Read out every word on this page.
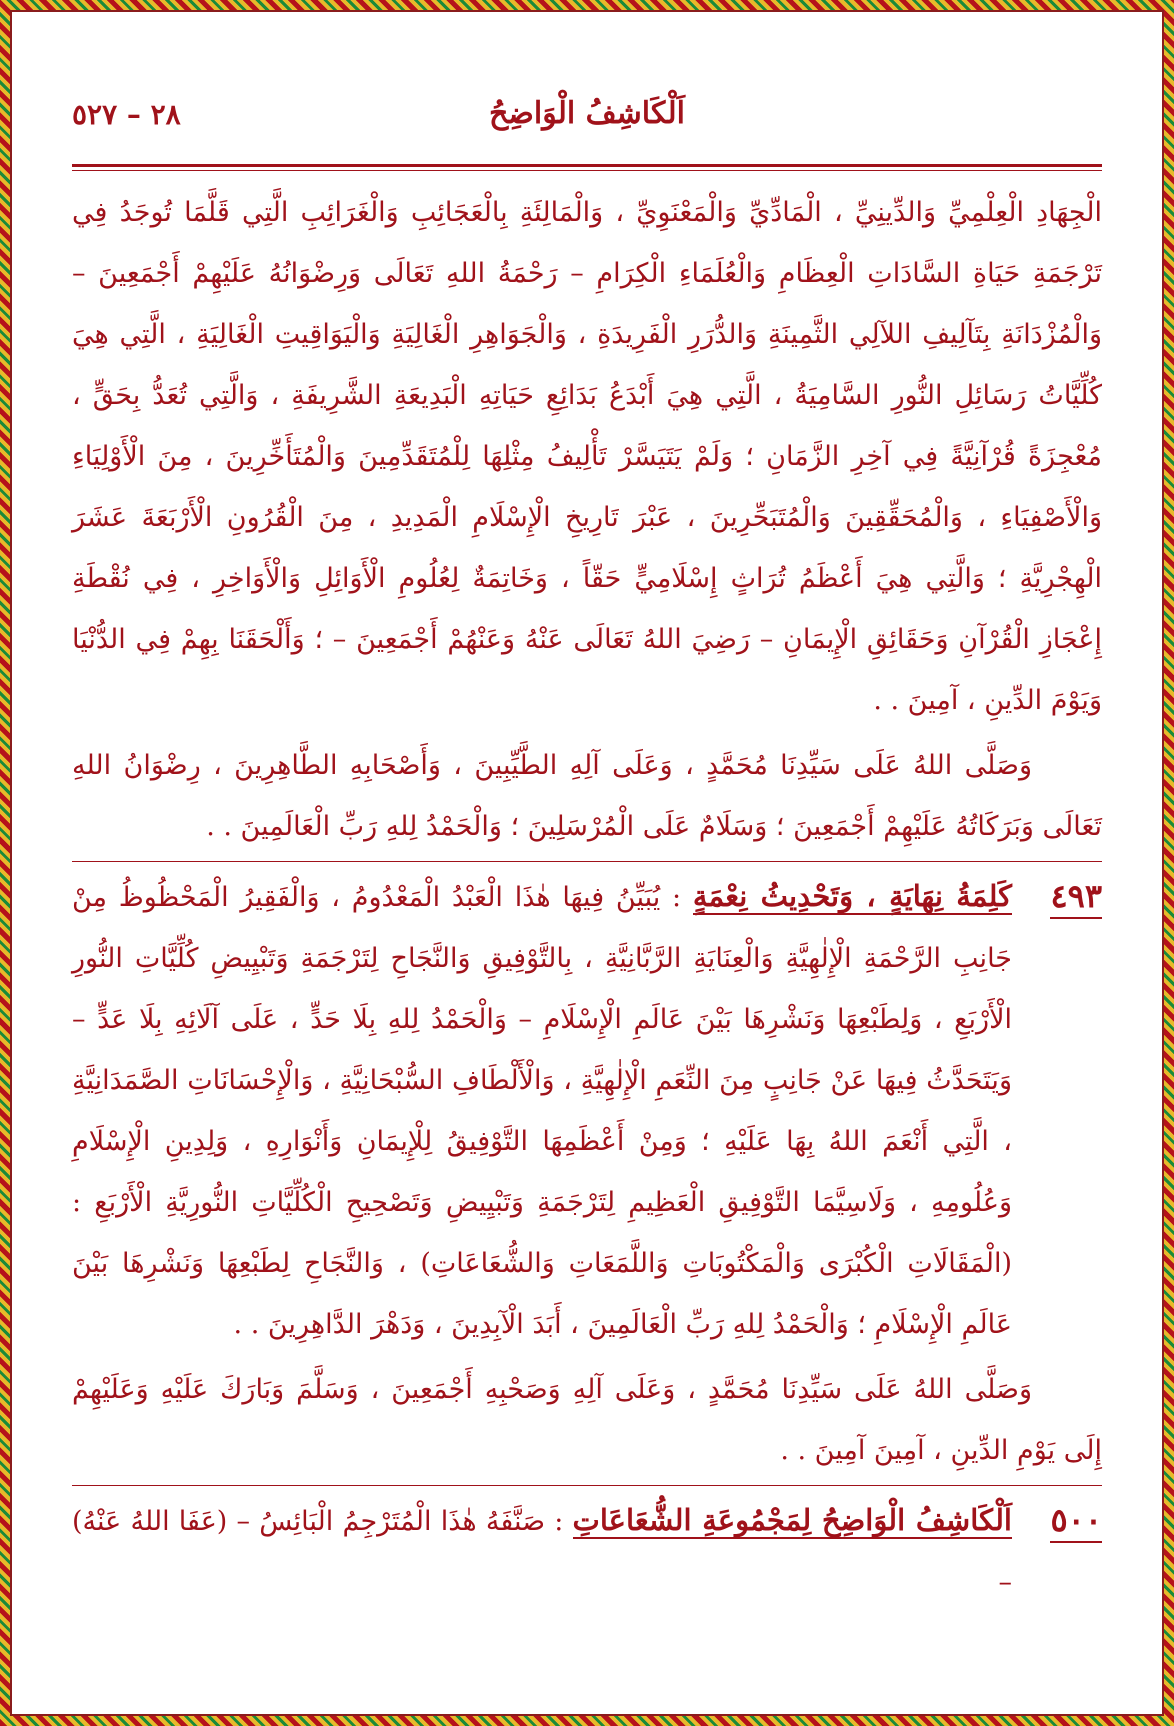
اَلْكَاشِفُ الْوَاضِحُ
٢٨ – ٥٢٧

الْجِهَادِ الْعِلْمِيِّ وَالدِّينِيِّ ، الْمَادِّيِّ وَالْمَعْنَوِيِّ ، وَالْمَالِئَةِ بِالْعَجَائِبِ وَالْغَرَائِبِ الَّتِي قَلَّمَا تُوجَدُ فِي تَرْجَمَةِ حَيَاةِ السَّادَاتِ الْعِظَامِ وَالْعُلَمَاءِ الْكِرَامِ – رَحْمَةُ اللهِ تَعَالَى وَرِضْوَانُهُ عَلَيْهِمْ أَجْمَعِينَ – وَالْمُزْدَانَةِ بِتَآلِيفِ اللآلِي الثَّمِينَةِ وَالدُّرَرِ الْفَرِيدَةِ ، وَالْجَوَاهِرِ الْغَالِيَةِ وَالْيَوَاقِيتِ الْغَالِيَةِ ، الَّتِي هِيَ كُلِّيَّاتُ رَسَائِلِ النُّورِ السَّامِيَةُ ، الَّتِي هِيَ أَبْدَعُ بَدَائِعِ حَيَاتِهِ الْبَدِيعَةِ الشَّرِيفَةِ ، وَالَّتِي تُعَدُّ بِحَقٍّ ، مُعْجِزَةً قُرْآنِيَّةً فِي آخِرِ الزَّمَانِ ؛ وَلَمْ يَتَيَسَّرْ تَأْلِيفُ مِثْلِهَا لِلْمُتَقَدِّمِينَ وَالْمُتَأَخِّرِينَ ، مِنَ الْأَوْلِيَاءِ وَالْأَصْفِيَاءِ ، وَالْمُحَقِّقِينَ وَالْمُتَبَحِّرِينَ ، عَبْرَ تَارِيخِ الْإِسْلَامِ الْمَدِيدِ ، مِنَ الْقُرُونِ الْأَرْبَعَةَ عَشَرَ الْهِجْرِيَّةِ ؛ وَالَّتِي هِيَ أَعْظَمُ تُرَاثٍ إِسْلَامِيٍّ حَقّاً ، وَخَاتِمَةٌ لِعُلُومِ الْأَوَائِلِ وَالْأَوَاخِرِ ، فِي نُقْطَةِ إِعْجَازِ الْقُرْآنِ وَحَقَائِقِ الْإِيمَانِ – رَضِيَ اللهُ تَعَالَى عَنْهُ وَعَنْهُمْ أَجْمَعِينَ – ؛ وَأَلْحَقَنَا بِهِمْ فِي الدُّنْيَا وَيَوْمَ الدِّينِ ، آمِينَ . .

وَصَلَّى اللهُ عَلَى سَيِّدِنَا مُحَمَّدٍ ، وَعَلَى آلِهِ الطَّيِّبِينَ ، وَأَصْحَابِهِ الطَّاهِرِينَ ، رِضْوَانُ اللهِ تَعَالَى وَبَرَكَاتُهُ عَلَيْهِمْ أَجْمَعِينَ ؛ وَسَلَامٌ عَلَى الْمُرْسَلِينَ ؛ وَالْحَمْدُ لِلهِ رَبِّ الْعَالَمِينَ . .

٤٩٣

كَلِمَةُ نِهَايَةٍ ، وَتَحْدِيثُ نِعْمَةٍ : يُبَيِّنُ فِيهَا هٰذَا الْعَبْدُ الْمَعْدُومُ ، وَالْفَقِيرُ الْمَحْظُوظُ مِنْ جَانِبِ الرَّحْمَةِ الْإِلٰهِيَّةِ وَالْعِنَايَةِ الرَّبَّانِيَّةِ ، بِالتَّوْفِيقِ وَالنَّجَاحِ لِتَرْجَمَةِ وَتَبْيِيضِ كُلِّيَّاتِ النُّورِ الْأَرْبَعِ ، وَلِطَبْعِهَا وَنَشْرِهَا بَيْنَ عَالَمِ الْإِسْلَامِ – وَالْحَمْدُ لِلهِ بِلَا حَدٍّ ، عَلَى آلَائِهِ بِلَا عَدٍّ – وَيَتَحَدَّثُ فِيهَا عَنْ جَانِبٍ مِنَ النِّعَمِ الْإِلٰهِيَّةِ ، وَالْأَلْطَافِ السُّبْحَانِيَّةِ ، وَالْإِحْسَانَاتِ الصَّمَدَانِيَّةِ ، الَّتِي أَنْعَمَ اللهُ بِهَا عَلَيْهِ ؛ وَمِنْ أَعْظَمِهَا التَّوْفِيقُ لِلْإِيمَانِ وَأَنْوَارِهِ ، وَلِدِينِ الْإِسْلَامِ وَعُلُومِهِ ، وَلَاسِيَّمَا التَّوْفِيقِ الْعَظِيمِ لِتَرْجَمَةِ وَتَبْيِيضِ وَتَصْحِيحِ الْكُلِّيَّاتِ النُّورِيَّةِ الْأَرْبَعِ : (الْمَقَالَاتِ الْكُبْرَى وَالْمَكْتُوبَاتِ وَاللَّمَعَاتِ وَالشُّعَاعَاتِ) ، وَالنَّجَاحِ لِطَبْعِهَا وَنَشْرِهَا بَيْنَ عَالَمِ الْإِسْلَامِ ؛ وَالْحَمْدُ لِلهِ رَبِّ الْعَالَمِينَ ، أَبَدَ الْآبِدِينَ ، وَدَهْرَ الدَّاهِرِينَ . .

وَصَلَّى اللهُ عَلَى سَيِّدِنَا مُحَمَّدٍ ، وَعَلَى آلِهِ وَصَحْبِهِ أَجْمَعِينَ ، وَسَلَّمَ وَبَارَكَ عَلَيْهِ وَعَلَيْهِمْ إِلَى يَوْمِ الدِّينِ ، آمِينَ آمِينَ . .

٥٠٠

اَلْكَاشِفُ الْوَاضِحُ لِمَجْمُوعَةِ الشُّعَاعَاتِ : صَنَّفَهُ هٰذَا الْمُتَرْجِمُ الْبَائِسُ – (عَفَا اللهُ عَنْهُ) –
